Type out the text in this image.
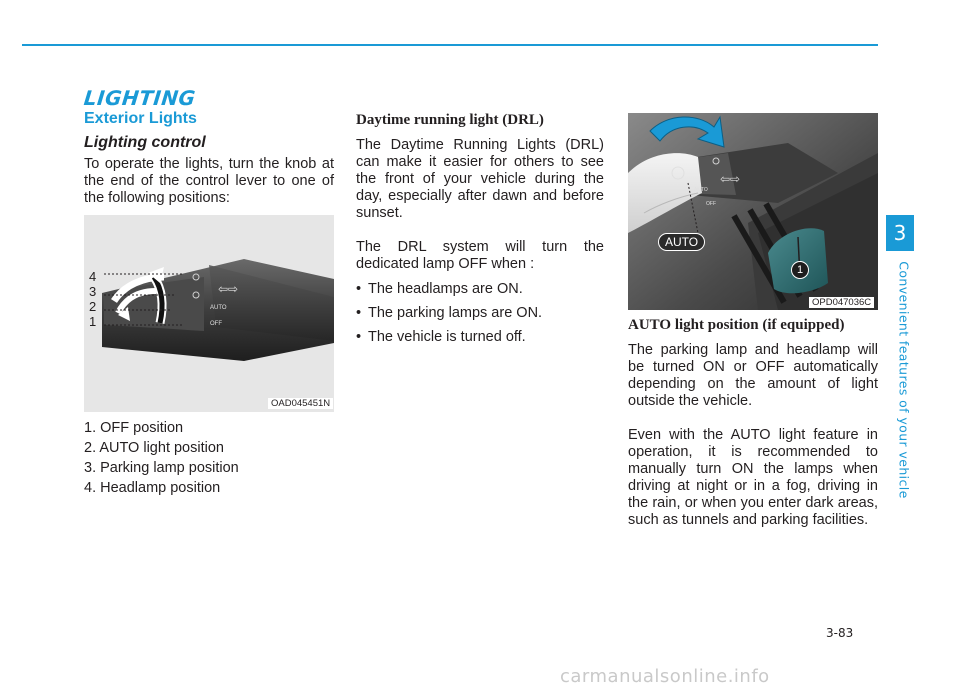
LIGHTING
Exterior Lights
Lighting control

To operate the lights, turn the knob at the end of the control lever to one of the following positions:

AUTO
OFF
⇦⇨
4
3
2
1
OAD045451N
1. OFF position
2. AUTO light position
3. Parking lamp position
4. Headlamp position

Daytime running light (DRL)

The Daytime Running Lights (DRL) can make it easier for others to see the front of your vehicle during the day, especially after dawn and before sunset.

The DRL system will turn the dedicated lamp OFF when :

• The headlamps are ON.
• The parking lamps are ON.
• The vehicle is turned off.
⇦⇨
AUTO
OFF
AUTO
1
OPD047036C

AUTO light position (if equipped)

The parking lamp and headlamp will be turned ON or OFF automatically depending on the amount of light outside the vehicle.

Even with the AUTO light feature in operation, it is recommended to manually turn ON the lamps when driving at night or in a fog, driving in the rain, or when you enter dark areas, such as tunnels and parking facilities.

3
Convenient features of your vehicle
3-83
carmanualsonline.info
